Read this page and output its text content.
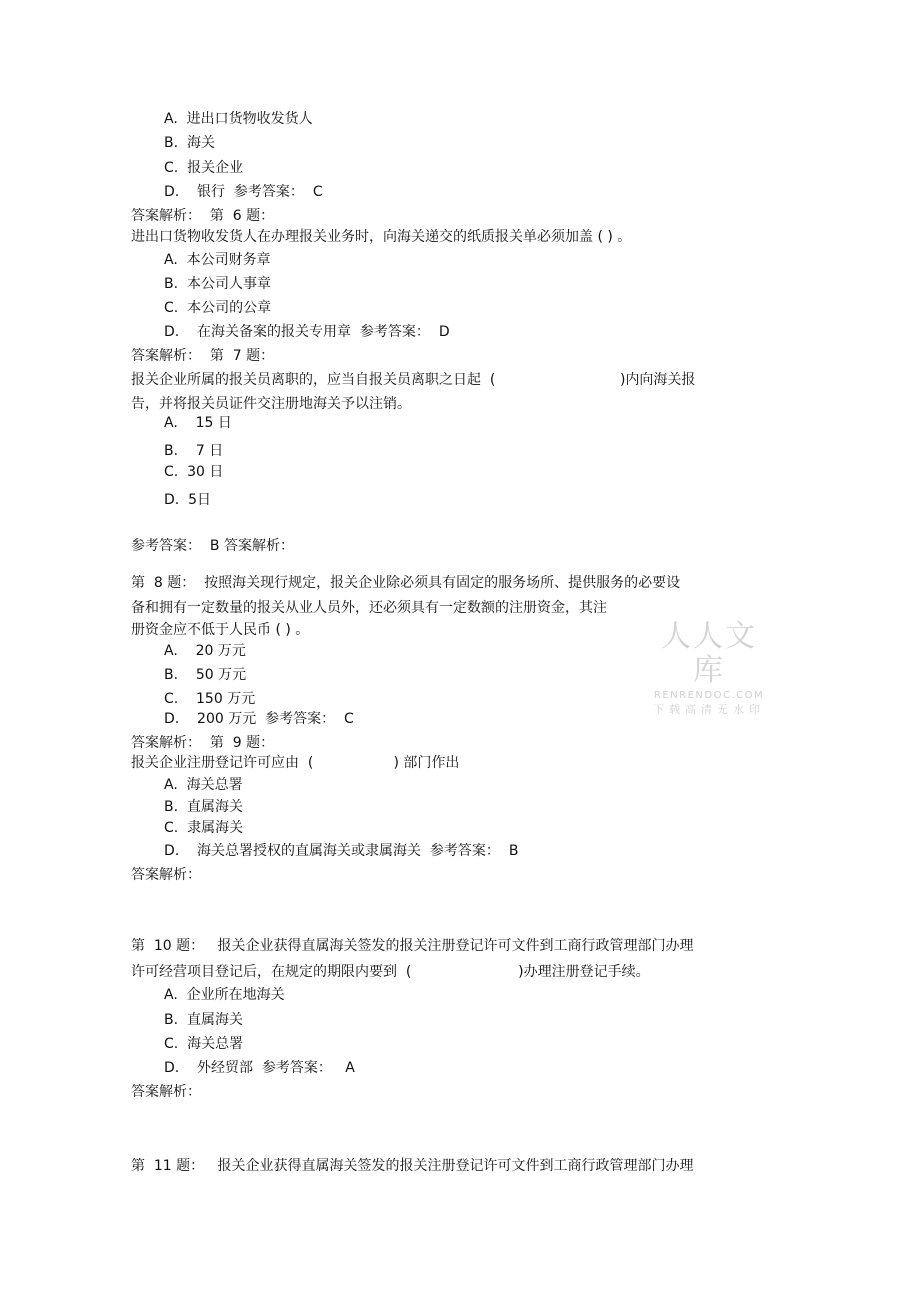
A.  进出口货物收发货人
B.  海关
C.  报关企业
D.    银行  参考答案：  C
答案解析：  第  6 题：
进出口货物收发货人在办理报关业务时，向海关递交的纸质报关单必须加盖 ( ) 。
A.  本公司财务章
B.  本公司人事章
C.  本公司的公章
D.    在海关备案的报关专用章  参考答案：  D
答案解析：  第  7 题：
报关企业所属的报关员离职的，应当自报关员离职之日起  (                            )内向海关报
告，并将报关员证件交注册地海关予以注销。
A.    15 日
B.    7 日
C.  30 日
D.  5日
参考答案：  B 答案解析：
第  8 题：  按照海关现行规定，报关企业除必须具有固定的服务场所、提供服务的必要设
备和拥有一定数量的报关从业人员外，还必须具有一定数额的注册资金，其注
册资金应不低于人民币 ( ) 。
A.    20 万元
B.    50 万元
C.    150 万元
D.    200 万元  参考答案：  C
答案解析：  第  9 题：
报关企业注册登记许可应由  (                  ) 部门作出
A.  海关总署
B.  直属海关
C.  隶属海关
D.    海关总署授权的直属海关或隶属海关  参考答案：  B
答案解析：
第  10 题：   报关企业获得直属海关签发的报关注册登记许可文件到工商行政管理部门办理
许可经营项目登记后，在规定的期限内要到  (                        )办理注册登记手续。
A.  企业所在地海关
B.  直属海关
C.  海关总署
D.    外经贸部  参考答案：   A
答案解析：
第  11 题：   报关企业获得直属海关签发的报关注册登记许可文件到工商行政管理部门办理
人人文库
RENRENDOC.COM
下载高清无水印
